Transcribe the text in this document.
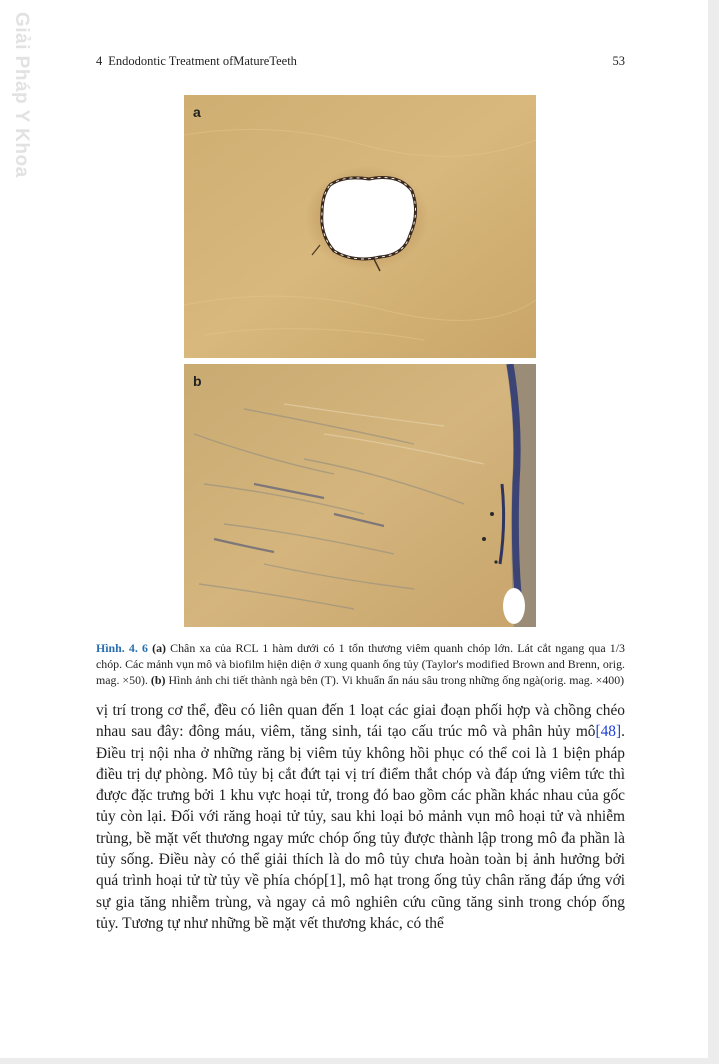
Giải Pháp Y Khoa	4 Endodontic Treatment ofMatureTeeth	53
a
b
Hình. 4. 6 (a) Chân xa của RCL 1 hàm dưới có 1 tổn thương viêm quanh chóp lớn. Lát cắt ngang qua 1/3 chóp. Các mảnh vụn mô và biofilm hiện diện ở xung quanh ống tủy (Taylor's modified Brown and Brenn, orig. mag. ×50). (b) Hình ảnh chi tiết thành ngà bên (T). Vi khuẩn ẩn náu sâu trong những ống ngà(orig. mag. ×400)
vị trí trong cơ thể, đều có liên quan đến 1 loạt các giai đoạn phối hợp và chồng chéo nhau sau đây: đông máu, viêm, tăng sinh, tái tạo cấu trúc mô và phân hủy mô[48]. Điều trị nội nha ở những răng bị viêm tủy không hồi phục có thể coi là 1 biện pháp điều trị dự phòng. Mô tủy bị cắt đứt tại vị trí điểm thắt chóp và đáp ứng viêm tức thì được đặc trưng bởi 1 khu vực hoại tử, trong đó bao gồm các phần khác nhau của gốc tủy còn lại. Đối với răng hoại tử tủy, sau khi loại bỏ mảnh vụn mô hoại tử và nhiễm trùng, bề mặt vết thương ngay mức chóp ống tủy được thành lập trong mô đa phần là tủy sống. Điều này có thể giải thích là do mô tủy chưa hoàn toàn bị ảnh hưởng bởi quá trình hoại tử từ tủy về phía chóp[1], mô hạt trong ống tủy chân răng đáp ứng với sự gia tăng nhiễm trùng, và ngay cả mô nghiên cứu cũng tăng sinh trong chóp ống tủy. Tương tự như những bề mặt vết thương khác, có thể
